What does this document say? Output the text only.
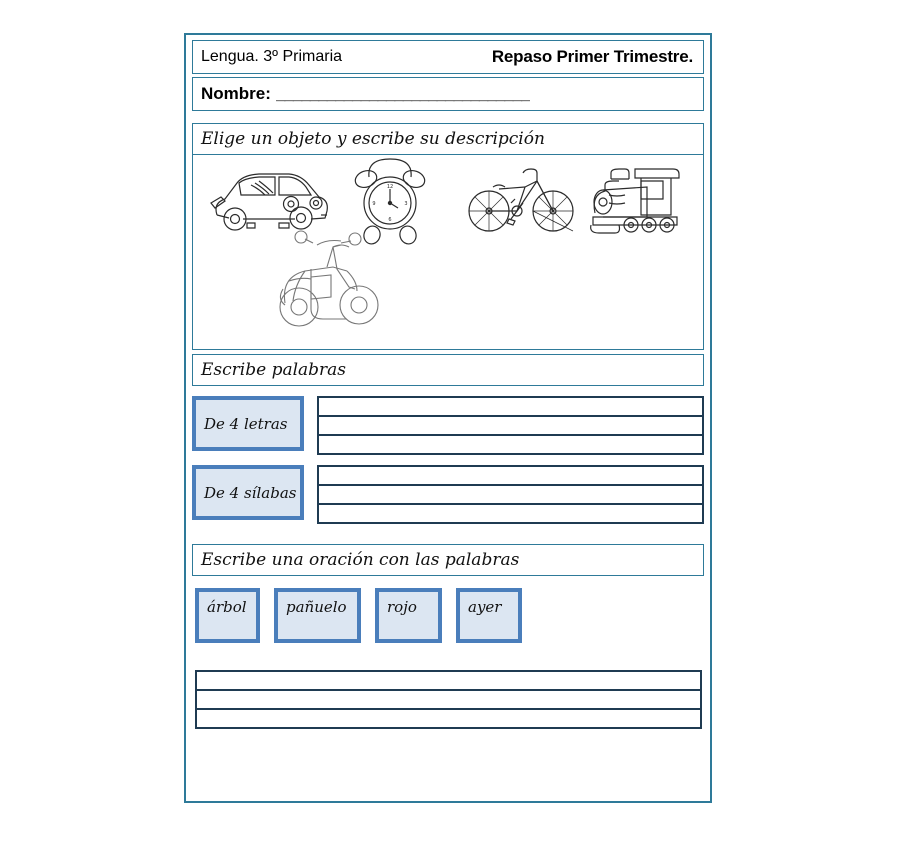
Lengua. 3º Primaria	Repaso Primer Trimestre.
Nombre: ______________________________
Elige un objeto y escribe su descripción
12
3
6
9
Escribe palabras
De 4 letras
De 4 sílabas
Escribe una oración con las palabras
árbol	pañuelo	rojo	ayer
